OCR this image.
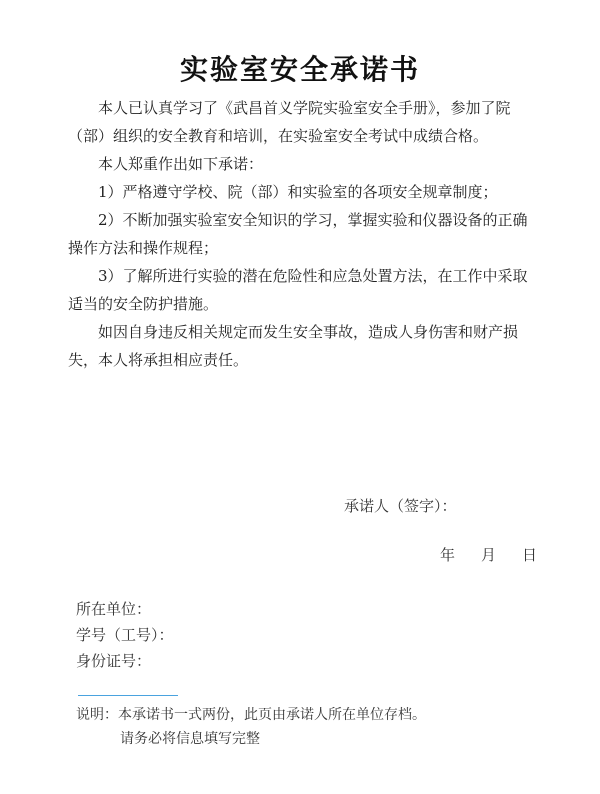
实验室安全承诺书

本人已认真学习了《武昌首义学院实验室安全手册》，参加了院（部）组织的安全教育和培训，在实验室安全考试中成绩合格。

本人郑重作出如下承诺：

1）严格遵守学校、院（部）和实验室的各项安全规章制度；

2）不断加强实验室安全知识的学习，掌握实验和仪器设备的正确操作方法和操作规程；

3）了解所进行实验的潜在危险性和应急处置方法，在工作中采取适当的安全防护措施。

如因自身违反相关规定而发生安全事故，造成人身伤害和财产损失，本人将承担相应责任。

承诺人（签字）：
年 月 日
所在单位：
学号（工号）：
身份证号：
说明：本承诺书一式两份，此页由承诺人所在单位存档。
请务必将信息填写完整
